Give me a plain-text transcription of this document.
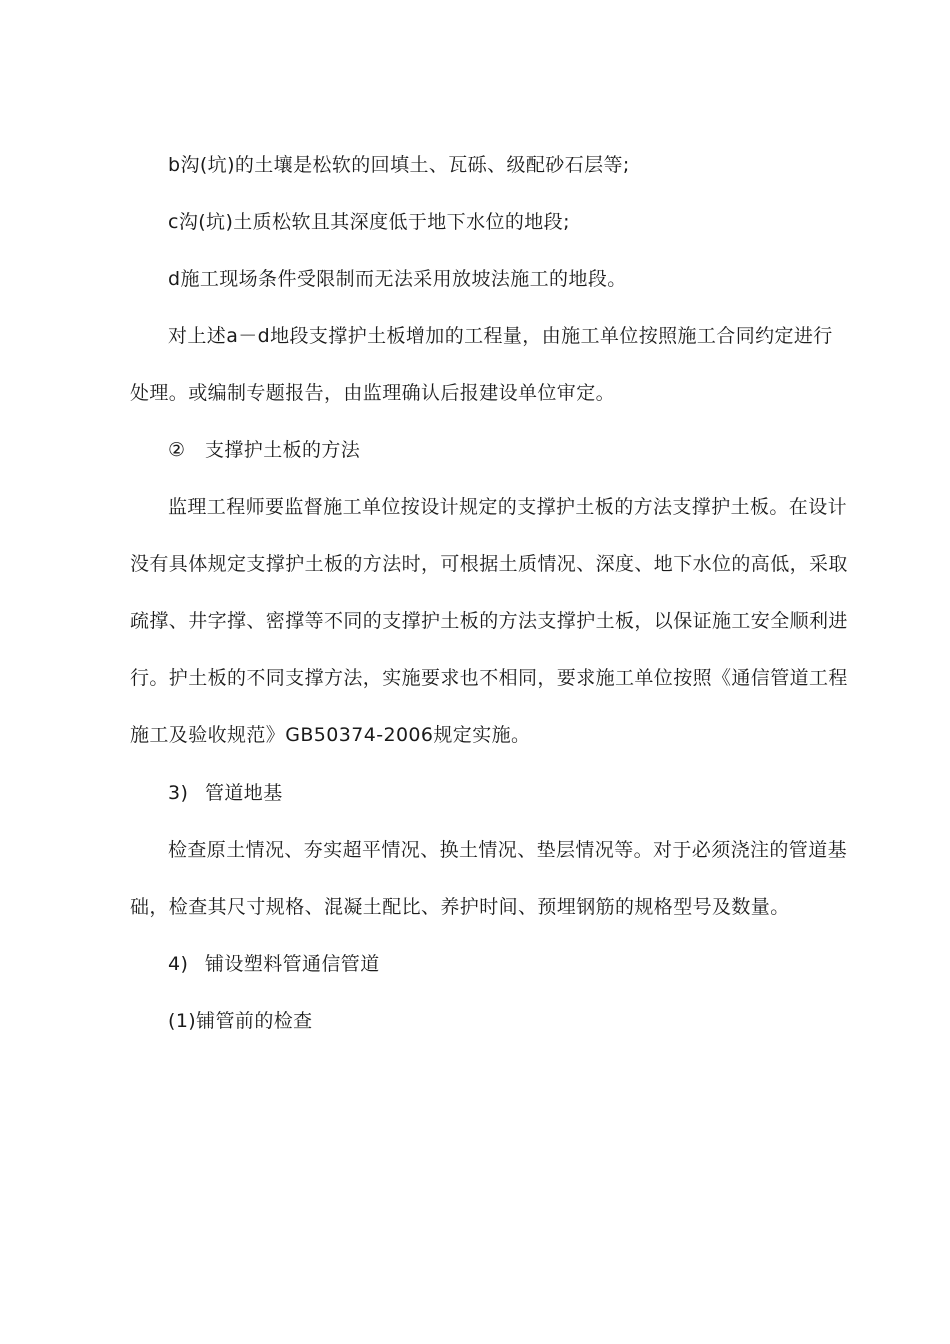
b沟(坑)的土壤是松软的回填土、瓦砾、级配砂石层等;
c沟(坑)土质松软且其深度低于地下水位的地段;
d施工现场条件受限制而无法采用放坡法施工的地段。
对上述a－d地段支撑护土板增加的工程量，由施工单位按照施工合同约定进行
处理。或编制专题报告，由监理确认后报建设单位审定。
② 支撑护土板的方法
监理工程师要监督施工单位按设计规定的支撑护土板的方法支撑护土板。在设计
没有具体规定支撑护土板的方法时，可根据土质情况、深度、地下水位的高低，采取
疏撑、井字撑、密撑等不同的支撑护土板的方法支撑护土板，以保证施工安全顺利进
行。护土板的不同支撑方法，实施要求也不相同，要求施工单位按照《通信管道工程
施工及验收规范》GB50374-2006规定实施。
3) 管道地基
检查原土情况、夯实超平情况、换土情况、垫层情况等。对于必须浇注的管道基
础，检查其尺寸规格、混凝土配比、养护时间、预埋钢筋的规格型号及数量。
4) 铺设塑料管通信管道
(1)铺管前的检查
